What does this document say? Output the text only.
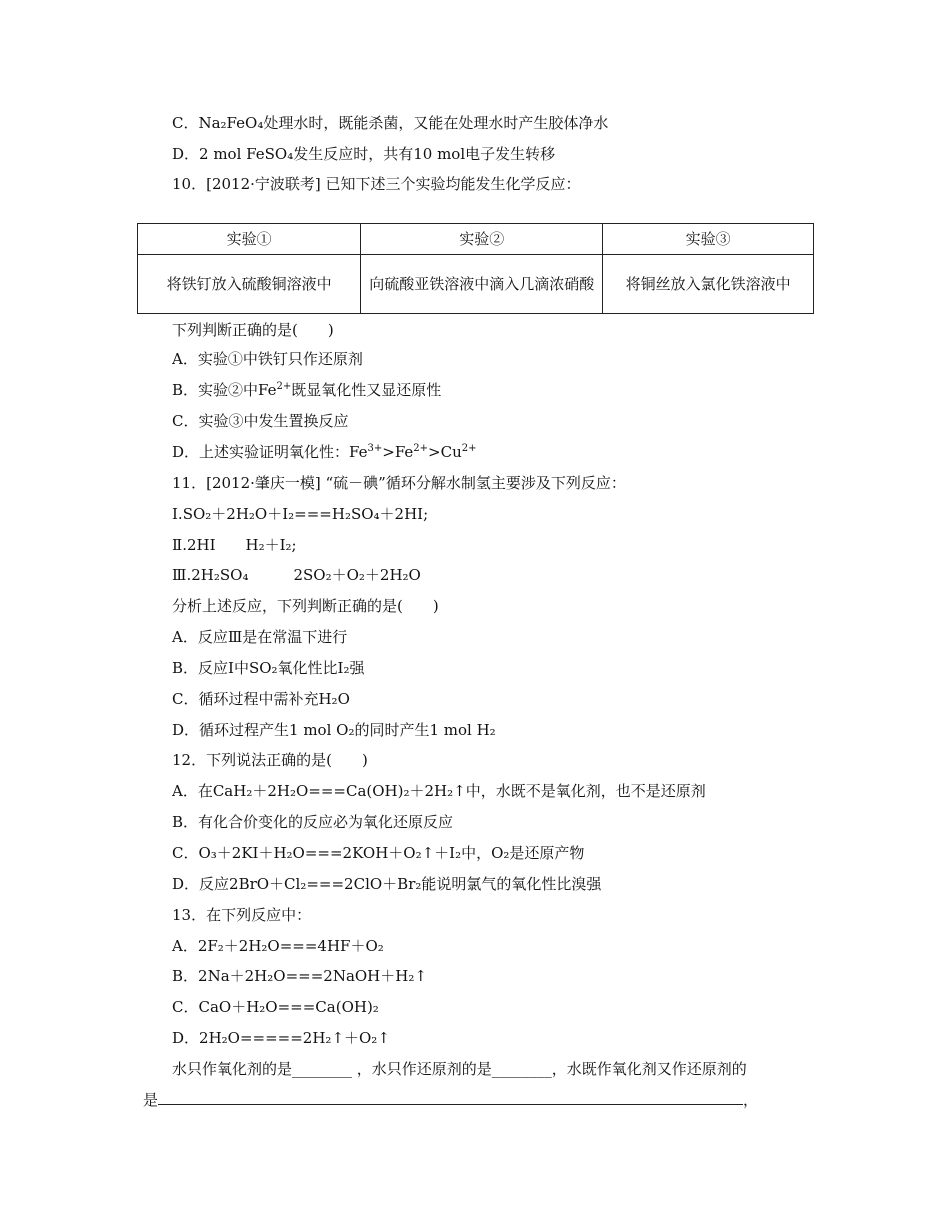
C．Na₂FeO₄处理水时，既能杀菌，又能在处理水时产生胶体净水
D．2 mol FeSO₄发生反应时，共有10 mol电子发生转移
10．[2012·宁波联考] 已知下述三个实验均能发生化学反应：
实验①	实验②	实验③
将铁钉放入硫酸铜溶液中	向硫酸亚铁溶液中滴入几滴浓硝酸	将铜丝放入氯化铁溶液中
下列判断正确的是(　　)
A．实验①中铁钉只作还原剂
B．实验②中$Fe^{2+}$既显氧化性又显还原性
C．实验③中发生置换反应
D．上述实验证明氧化性：$Fe^{3+}>Fe^{2+}>Cu^{2+}$
11．[2012·肇庆一模] “硫－碘”循环分解水制氢主要涉及下列反应：
Ⅰ.SO₂＋2H₂O＋I₂===H₂SO₄＋2HI;
Ⅱ.2HI　　H₂＋I₂;
Ⅲ.2H₂SO₄　　　2SO₂＋O₂＋2H₂O
分析上述反应，下列判断正确的是(　　)
A．反应Ⅲ是在常温下进行
B．反应Ⅰ中SO₂氧化性比I₂强
C．循环过程中需补充H₂O
D．循环过程产生1 mol O₂的同时产生1 mol H₂
12．下列说法正确的是(　　)
A．在CaH₂＋2H₂O===Ca(OH)₂＋2H₂↑中，水既不是氧化剂，也不是还原剂
B．有化合价变化的反应必为氧化还原反应
C．O₃＋2KI＋H₂O===2KOH＋O₂↑＋I₂中，O₂是还原产物
D．反应2BrO＋Cl₂===2ClO＋Br₂能说明氯气的氧化性比溴强
13．在下列反应中：
A．2F₂＋2H₂O===4HF＋O₂
B．2Na＋2H₂O===2NaOH＋H₂↑
C．CaO＋H₂O===Ca(OH)₂
D．2H₂O=====2H₂↑＋O₂↑
水只作氧化剂的是________ ，水只作还原剂的是________，水既作氧化剂又作还原剂的
是	，
